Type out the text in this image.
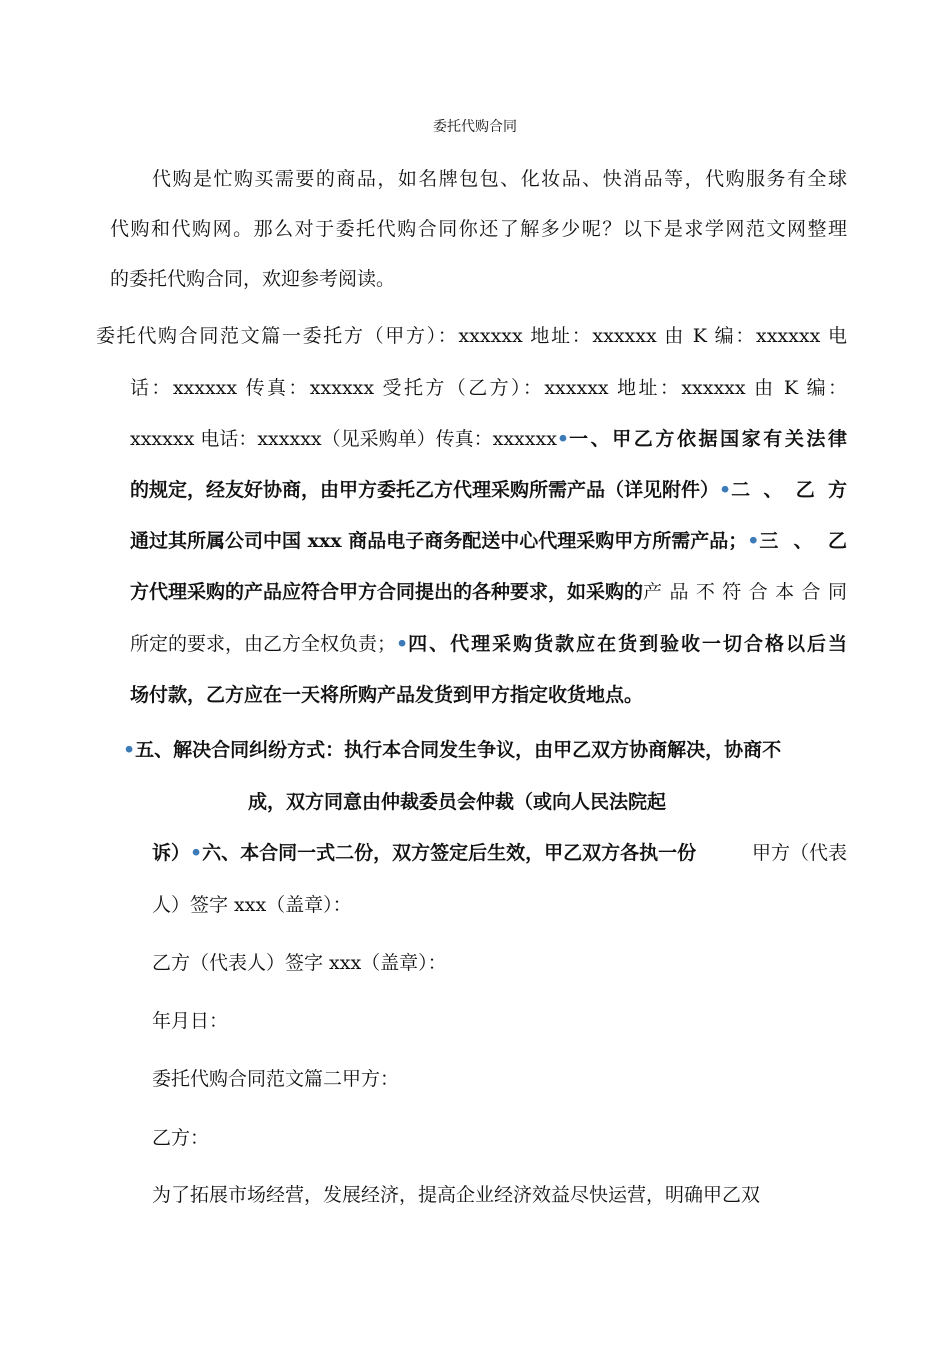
委托代购合同
代购是忙购买需要的商品，如名牌包包、化妆品、快消品等，代购服务有全球
代购和代购网。那么对于委托代购合同你还了解多少呢？以下是求学网范文网整理
的委托代购合同，欢迎参考阅读。
委托代购合同范文篇一委托方（甲方）：xxxxxx 地址：xxxxxx 由 K 编：xxxxxx 电
话：xxxxxx 传真：xxxxxx 受托方（乙方）：xxxxxx 地址：xxxxxx 由 K 编：
xxxxxx 电话：xxxxxx（见采购单）传真：xxxxxx • 一、甲乙方依据国家有关法律
的规定，经友好协商，由甲方委托乙方代理采购所需产品（详见附件） • 二、乙方
通过其所属公司中国 xxx 商品电子商务配送中心代理采购甲方所需产品； • 三、乙
方代理采购的产品应符合甲方合同提出的各种要求，如采购的 产品不符合本合同
所定的要求，由乙方全权负责； • 四、代理采购货款应在货到验收一切合格以后当
场付款，乙方应在一天将所购产品发货到甲方指定收货地点。
•五、解决合同纠纷方式：执行本合同发生争议，由甲乙双方协商解决，协商不
成，双方同意由仲裁委员会仲裁（或向人民法院起
诉） • 六、本合同一式二份，双方签定后生效，甲乙双方各执一份	甲方（代表
人）签字 xxx（盖章）：
乙方（代表人）签字 xxx（盖章）：
年月日：
委托代购合同范文篇二甲方：
乙方：
为了拓展市场经营，发展经济，提高企业经济效益尽快运营，明确甲乙双
